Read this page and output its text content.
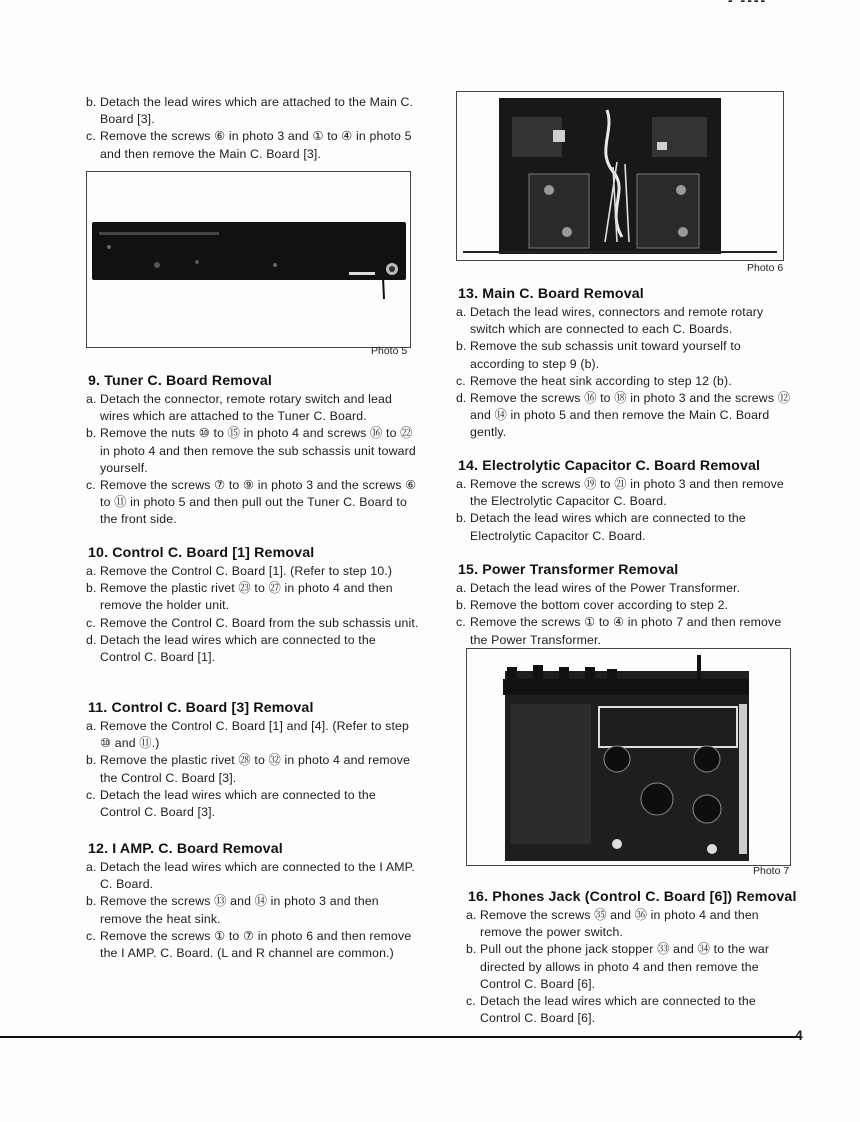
- ----
b. Detach the lead wires which are attached to the Main C. Board [3].
c. Remove the screws ⑥ in photo 3 and ① to ④ in photo 5 and then remove the Main C. Board [3].
Photo 5
9. Tuner C. Board Removal
a. Detach the connector, remote rotary switch and lead wires which are attached to the Tuner C. Board.
b. Remove the nuts ⑩ to ⑮ in photo 4 and screws ⑯ to ㉒ in photo 4 and then remove the sub schassis unit toward yourself.
c. Remove the screws ⑦ to ⑨ in photo 3 and the screws ⑥ to ⑪ in photo 5 and then pull out the Tuner C. Board to the front side.
10. Control C. Board [1] Removal
a. Remove the Control C. Board [1]. (Refer to step 10.)
b. Remove the plastic rivet ㉓ to ㉗ in photo 4 and then remove the holder unit.
c. Remove the Control C. Board from the sub schassis unit.
d. Detach the lead wires which are connected to the Control C. Board [1].
11. Control C. Board [3] Removal
a. Remove the Control C. Board [1] and [4]. (Refer to step ⑩ and ⑪.)
b. Remove the plastic rivet ㉘ to ㉜ in photo 4 and remove the Control C. Board [3].
c. Detach the lead wires which are connected to the Control C. Board [3].
12. I AMP. C. Board Removal
a. Detach the lead wires which are connected to the I AMP. C. Board.
b. Remove the screws ⑬ and ⑭ in photo 3 and then remove the heat sink.
c. Remove the screws ① to ⑦ in photo 6 and then remove the I AMP. C. Board. (L and R channel are common.)
Photo 6
13. Main C. Board Removal
a. Detach the lead wires, connectors and remote rotary switch which are connected to each C. Boards.
b. Remove the sub schassis unit toward yourself to according to step 9 (b).
c. Remove the heat sink according to step 12 (b).
d. Remove the screws ⑯ to ⑱ in photo 3 and the screws ⑫ and ⑭ in photo 5 and then remove the Main C. Board gently.
14. Electrolytic Capacitor C. Board Removal
a. Remove the screws ⑲ to ㉑ in photo 3 and then remove the Electrolytic Capacitor C. Board.
b. Detach the lead wires which are connected to the Electrolytic Capacitor C. Board.
15. Power Transformer Removal
a. Detach the lead wires of the Power Transformer.
b. Remove the bottom cover according to step 2.
c. Remove the screws ① to ④ in photo 7 and then remove the Power Transformer.
Photo 7
16. Phones Jack (Control C. Board [6]) Removal
a. Remove the screws ㉟ and ㊱ in photo 4 and then remove the power switch.
b. Pull out the phone jack stopper ㉝ and ㉞ to the war directed by allows in photo 4 and then remove the Control C. Board [6].
c. Detach the lead wires which are connected to the Control C. Board [6].
4
